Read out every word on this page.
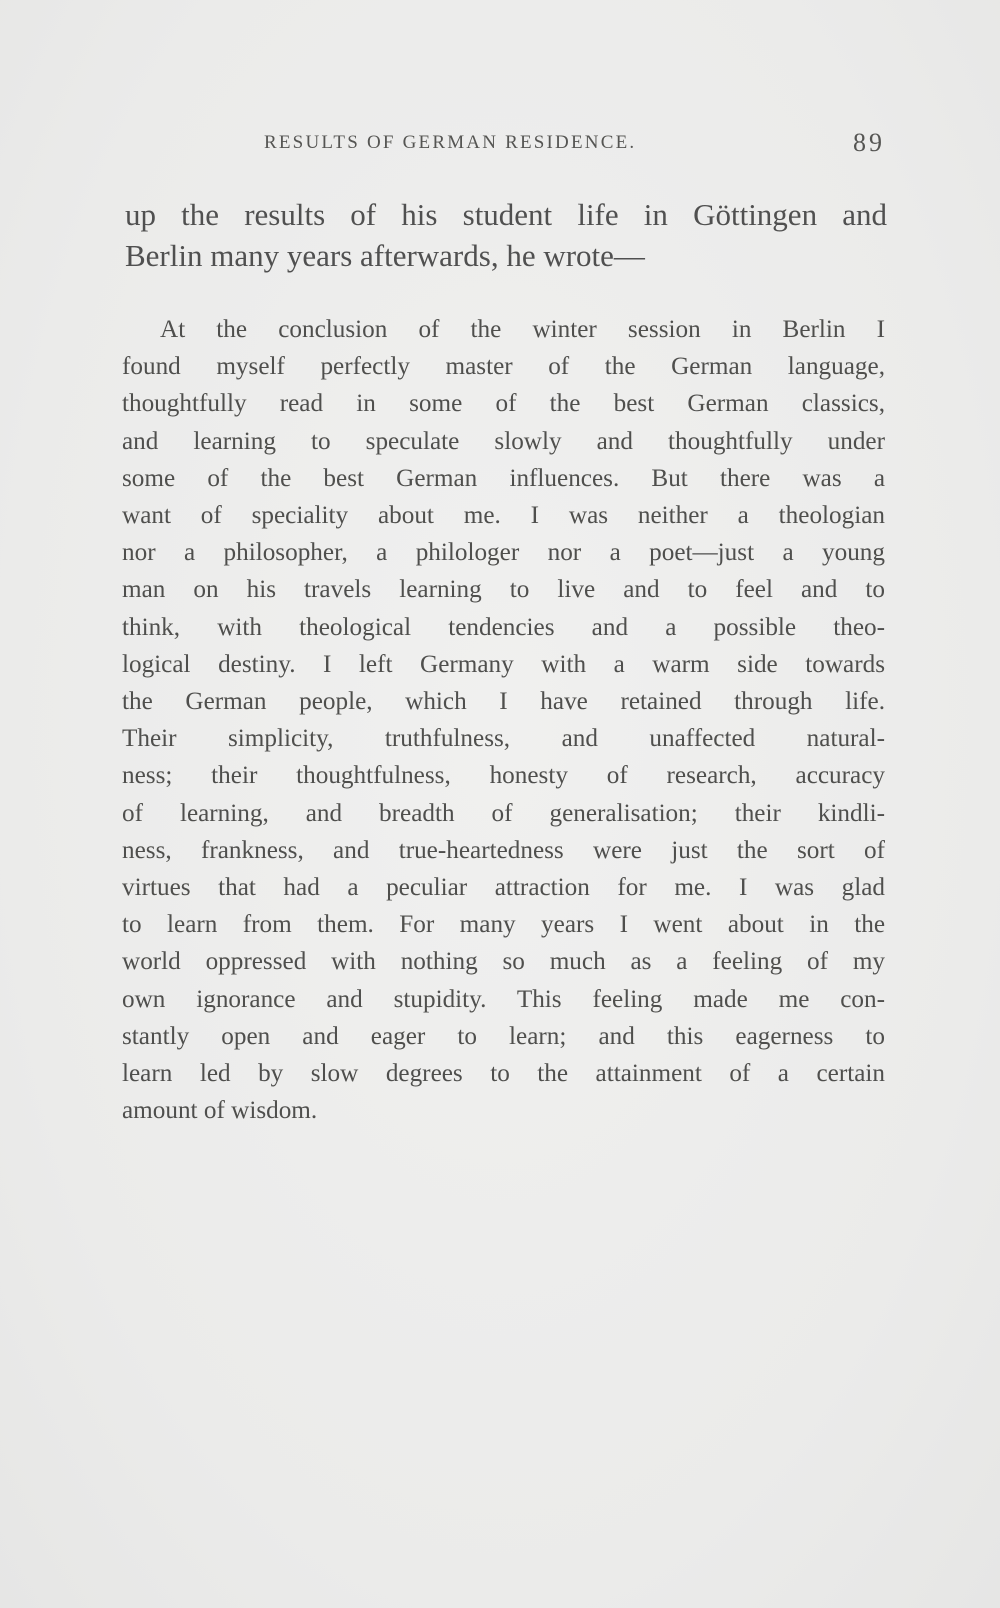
RESULTS OF GERMAN RESIDENCE.	89
up the results of his student life in Göttingen and
Berlin many years afterwards, he wrote—
At the conclusion of the winter session in Berlin I
found myself perfectly master of the German language,
thoughtfully read in some of the best German classics,
and learning to speculate slowly and thoughtfully under
some of the best German influences. But there was a
want of speciality about me. I was neither a theologian
nor a philosopher, a philologer nor a poet—just a young
man on his travels learning to live and to feel and to
think, with theological tendencies and a possible theo-
logical destiny. I left Germany with a warm side towards
the German people, which I have retained through life.
Their simplicity, truthfulness, and unaffected natural-
ness; their thoughtfulness, honesty of research, accuracy
of learning, and breadth of generalisation; their kindli-
ness, frankness, and true-heartedness were just the sort of
virtues that had a peculiar attraction for me. I was glad
to learn from them. For many years I went about in the
world oppressed with nothing so much as a feeling of my
own ignorance and stupidity. This feeling made me con-
stantly open and eager to learn; and this eagerness to
learn led by slow degrees to the attainment of a certain
amount of wisdom.
